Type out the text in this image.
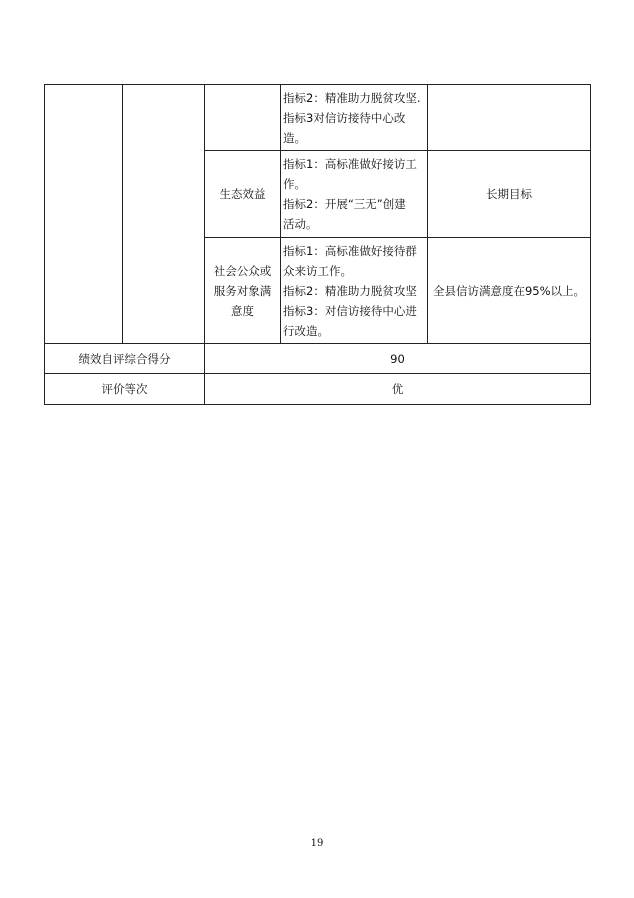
			指标2：精准助力脱贫攻坚.
指标3对信访接待中心改
造。	

		生态效益	指标1：高标准做好接访工
作。
指标2：开展“三无”创建
活动。	长期目标

		社会公众或
服务对象满
意度	指标1：高标准做好接待群
众来访工作。
指标2：精准助力脱贫攻坚
指标3：对信访接待中心进
行改造。	全县信访满意度在95%以上。
绩效自评综合得分		90		
评价等次		优		
19
